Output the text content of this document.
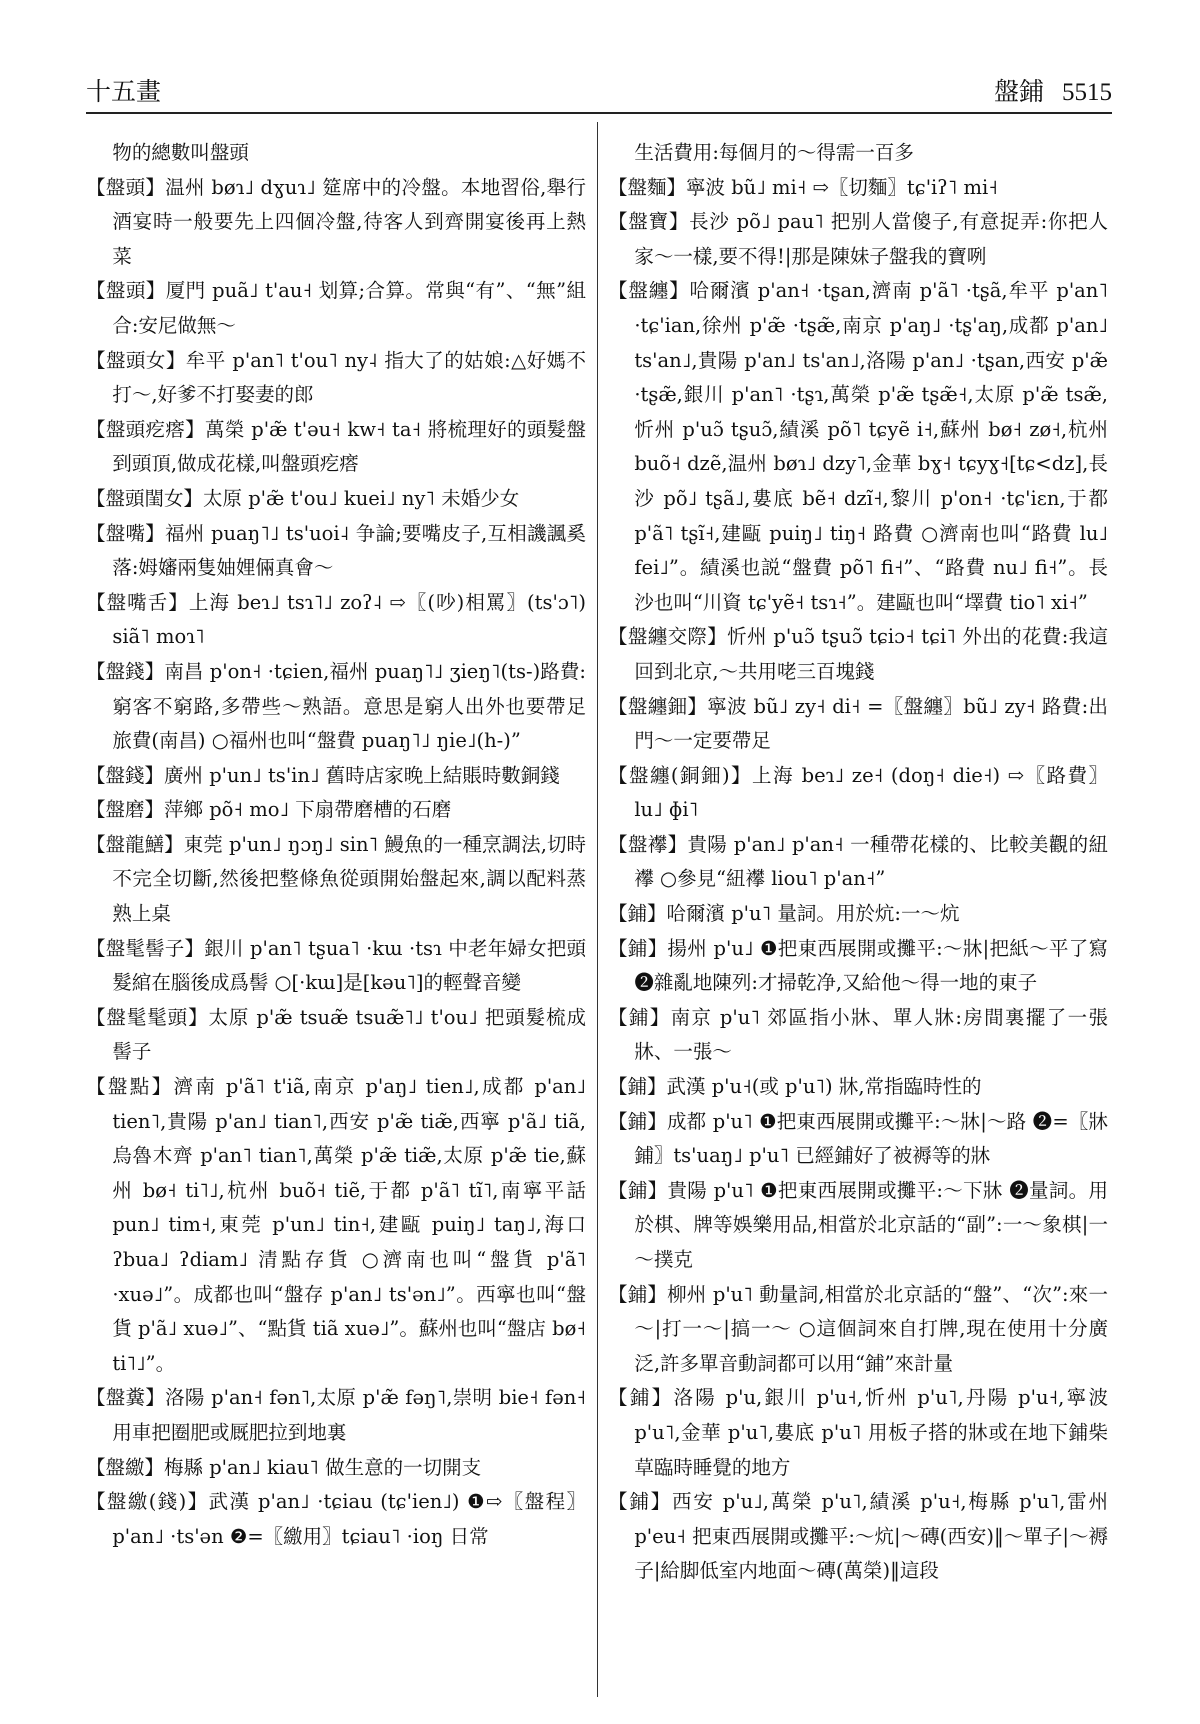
十五畫	盤鋪 5515

物的總數叫盤頭

【盤頭】温州 bøɿ˩ dɣuɿ˩ 筵席中的冷盤。本地習俗,舉行酒宴時一般要先上四個冷盤,待客人到齊開宴後再上熱菜

【盤頭】厦門 puã˩ t'au˧ 划算;合算。常與“有”、“無”組合:安尼做無～

【盤頭女】牟平 p'an˥ t'ou˥ ny˨ 指大了的姑娘:△好媽不打～,好爹不打娶妻的郎

【盤頭疙瘩】萬榮 p'æ̃ t'əu˧ kw˧ ta˧ 將梳理好的頭髮盤到頭頂,做成花樣,叫盤頭疙瘩

【盤頭閨女】太原 p'æ̃ t'ou˩ kuei˩ ny˥ 未婚少女

【盤嘴】福州 puaŋ˥˩ ts'uoi˨ 争論;要嘴皮子,互相譏諷奚落:姆嬸兩隻妯娌倆真會～

【盤嘴舌】上海 beɿ˩ tsɿ˥˩ zoʔ˨ ⇨〖(吵)相罵〗(ts'ɔ˥) siã˥ moɿ˥

【盤錢】南昌 p'on˧ ·tɕien,福州 puaŋ˥˩ ʒieŋ˥(ts-)路費:窮客不窮路,多帶些～熟語。意思是窮人出外也要帶足旅費(南昌) ○福州也叫“盤費 puaŋ˥˩ ŋie˩(h-)”

【盤錢】廣州 p'un˩ ts'in˩ 舊時店家晚上結賬時數銅錢

【盤磨】萍鄉 põ˧ mo˩ 下扇帶磨槽的石磨

【盤龍鱔】東莞 p'un˩ ŋɔŋ˩ sin˥ 鰻魚的一種烹調法,切時不完全切斷,然後把整條魚從頭開始盤起來,調以配料蒸熟上桌

【盤髦髻子】銀川 p'an˥ tʂua˥ ·kɯ ·tsɿ 中老年婦女把頭髮綰在腦後成爲髻 ○[·kɯ]是[kəu˥]的輕聲音變

【盤髦髦頭】太原 p'æ̃ tsuæ̃ tsuæ̃˥˩ t'ou˩ 把頭髮梳成髻子

【盤點】濟南 p'ã˥ t'iã,南京 p'aŋ˩ tien˩,成都 p'an˩ tien˥,貴陽 p'an˩ tian˥,西安 p'æ̃ tiæ̃,西寧 p'ã˩ tiã,烏魯木齊 p'an˥ tian˥,萬榮 p'æ̃ tiæ̃,太原 p'æ̃ tie,蘇州 bø˧ ti˥˩,杭州 buõ˧ tiẽ,于都 p'ã˥ tĩ˥,南寧平話 pun˩ tim˧,東莞 p'un˩ tin˧,建甌 puiŋ˩ taŋ˩,海口 ʔbua˩ ʔdiam˩ 清點存貨 ○濟南也叫“盤貨 p'ã˥ ·xuə˩”。成都也叫“盤存 p'an˩ ts'ən˩”。西寧也叫“盤貨 p'ã˩ xuə˩”、“點貨 tiã xuə˩”。蘇州也叫“盤店 bø˧ ti˥˩”。

【盤糞】洛陽 p'an˧ fən˥,太原 p'æ̃ fəŋ˥,崇明 bie˧ fən˧ 用車把圈肥或厩肥拉到地裏

【盤繳】梅縣 p'an˩ kiau˥ 做生意的一切開支

【盤繳(錢)】武漢 p'an˩ ·tɕiau (tɕ'ien˩) ❶⇨〖盤程〗p'an˩ ·ts'ən ❷=〖繳用〗tɕiau˥ ·ioŋ 日常

生活費用:每個月的～得需一百多

【盤麵】寧波 bũ˩ mi˧ ⇨〖切麵〗tɕ'iʔ˥ mi˧

【盤寶】長沙 põ˩ pau˥ 把别人當傻子,有意捉弄:你把人家～一樣,要不得!|那是陳妹子盤我的寶咧

【盤纏】哈爾濱 p'an˧ ·tʂan,濟南 p'ã˥ ·tʂã,牟平 p'an˥ ·tɕ'ian,徐州 p'æ̃ ·tʂæ̃,南京 p'aŋ˩ ·tʂ'aŋ,成都 p'an˩ ts'an˩,貴陽 p'an˩ ts'an˩,洛陽 p'an˩ ·tʂan,西安 p'æ̃ ·tʂæ̃,銀川 p'an˥ ·tʂɿ,萬榮 p'æ̃ tʂæ̃˧,太原 p'æ̃ tsæ̃,忻州 p'uɔ̃ tʂuɔ̃,績溪 põ˥ tɕyẽ i˧,蘇州 bø˧ zø˧,杭州 buõ˧ dzẽ,温州 bøɿ˩ dzy˥,金華 bɣ˧ tɕyɣ˧[tɕ<dz],長沙 põ˩ tʂã˩,婁底 bẽ˧ dzĩ˧,黎川 p'on˧ ·tɕ'iɛn,于都 p'ã˥ tʂĩ˧,建甌 puiŋ˩ tiŋ˧ 路費 ○濟南也叫“路費 lu˩ fei˩”。績溪也説“盤費 põ˥ fi˧”、“路費 nu˩ fi˧”。長沙也叫“川資 tɕ'yẽ˧ tsɿ˧”。建甌也叫“墿費 tio˥ xi˧”

【盤纏交際】忻州 p'uɔ̃ tʂuɔ̃ tɕiɔ˧ tɕi˥ 外出的花費:我這回到北京,～共用咾三百塊錢

【盤纏鈿】寧波 bũ˩ zy˧ di˧ =〖盤纏〗bũ˩ zy˧ 路費:出門～一定要帶足

【盤纏(銅鈿)】上海 beɿ˩ ze˧ (doŋ˧ die˧) ⇨〖路費〗lu˩ ɸi˥

【盤襻】貴陽 p'an˩ p'an˧ 一種帶花樣的、比較美觀的紐襻 ○參見“紐襻 liou˥ p'an˧”

【鋪】哈爾濱 p'u˥ 量詞。用於炕:一～炕

【鋪】揚州 p'u˩ ❶把東西展開或攤平:～牀|把紙～平了寫 ❷雜亂地陳列:才掃乾净,又給他～得一地的東子

【鋪】南京 p'u˥ 郊區指小牀、單人牀:房間裏擺了一張牀、一張～

【鋪】武漢 p'u˧(或 p'u˥) 牀,常指臨時性的

【鋪】成都 p'u˥ ❶把東西展開或攤平:～牀|～路 ❷=〖牀鋪〗ts'uaŋ˩ p'u˥ 已經鋪好了被褥等的牀

【鋪】貴陽 p'u˥ ❶把東西展開或攤平:～下牀 ❷量詞。用於棋、牌等娛樂用品,相當於北京話的“副”:一～象棋|一～撲克

【鋪】柳州 p'u˥ 動量詞,相當於北京話的“盤”、“次”:來一～|打一～|搞一～ ○這個詞來自打牌,現在使用十分廣泛,許多單音動詞都可以用“鋪”來計量

【鋪】洛陽 p'u,銀川 p'u˧,忻州 p'u˥,丹陽 p'u˧,寧波 p'u˥,金華 p'u˥,婁底 p'u˥ 用板子搭的牀或在地下鋪柴草臨時睡覺的地方

【鋪】西安 p'u˩,萬榮 p'u˥,績溪 p'u˧,梅縣 p'u˥,雷州 p'eu˧ 把東西展開或攤平:～炕|～磚(西安)‖～單子|～褥子|給脚低室内地面～磚(萬榮)‖這段
